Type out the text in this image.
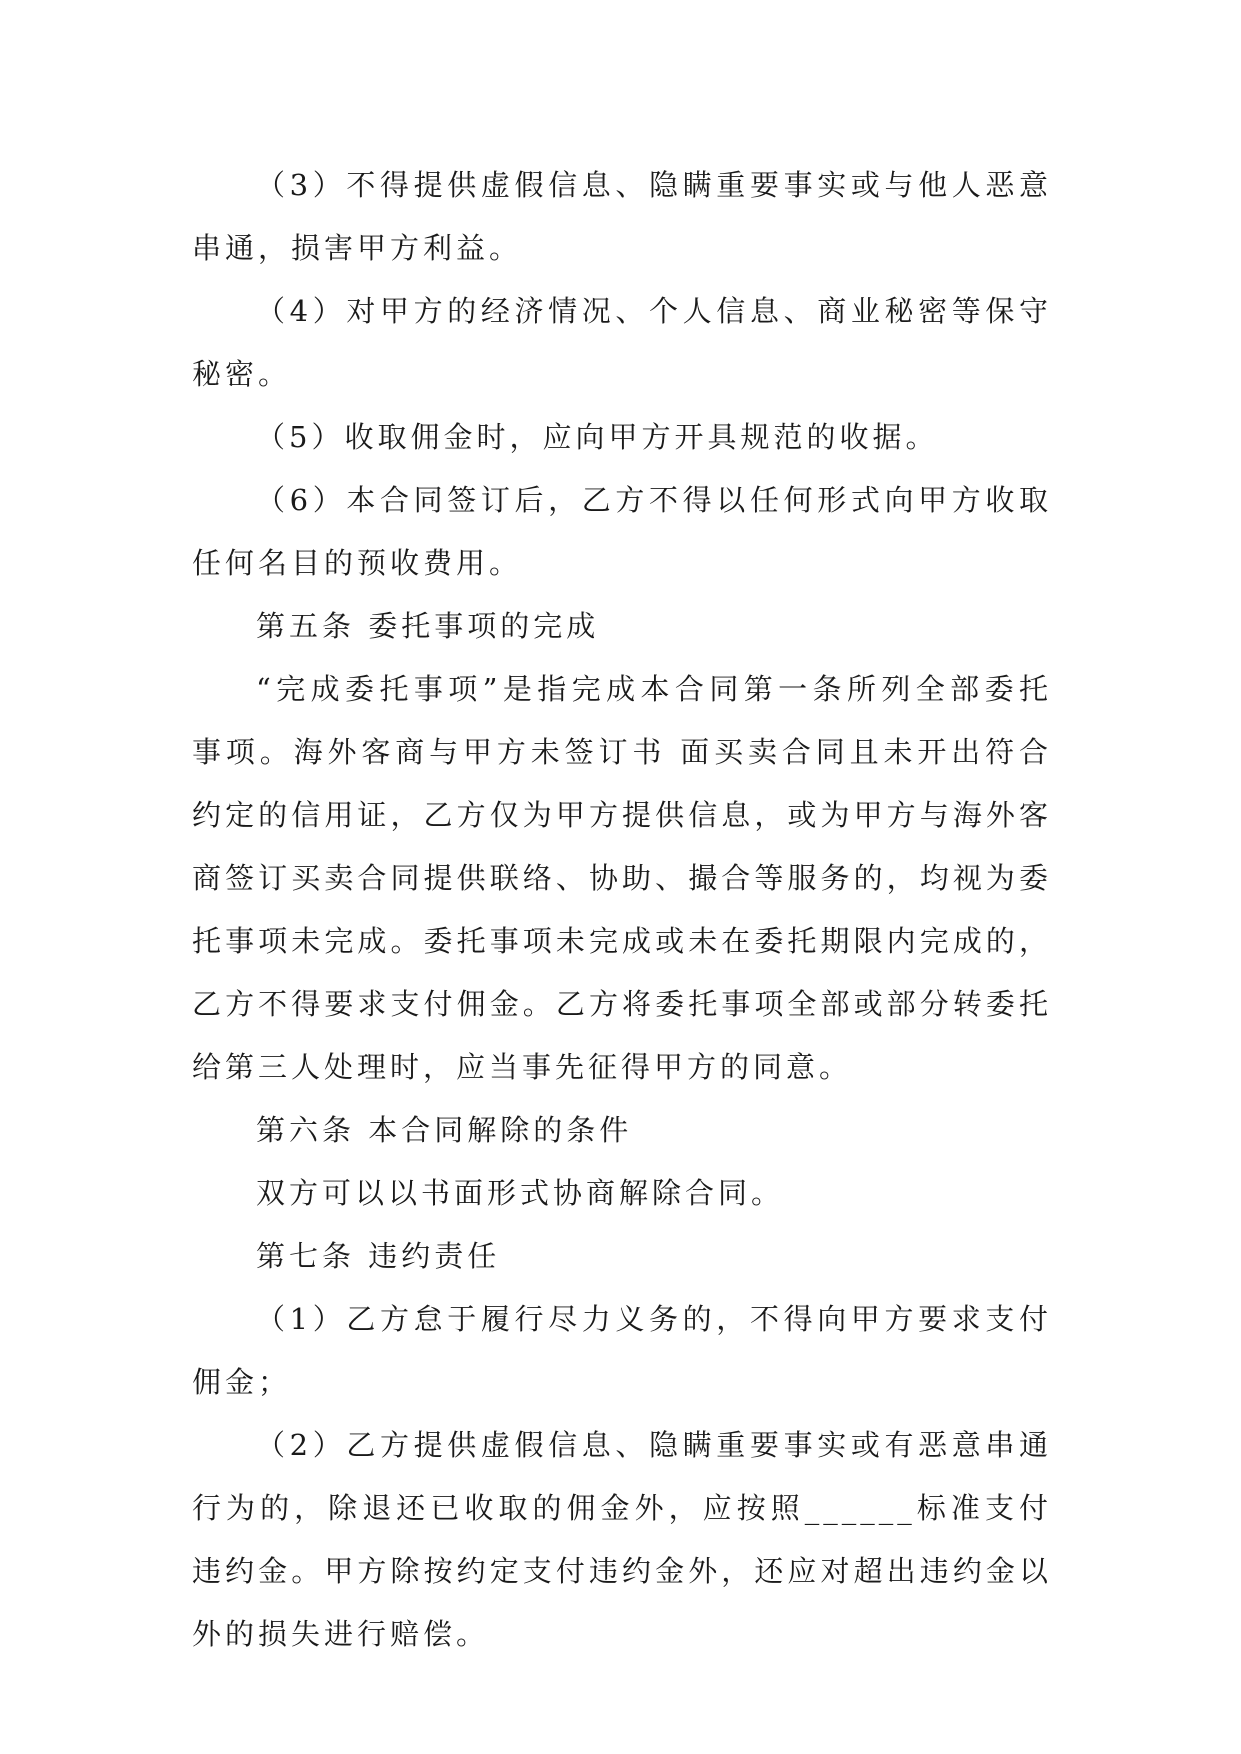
（3）不得提供虚假信息、隐瞒重要事实或与他人恶意串通，损害甲方利益。

（4）对甲方的经济情况、个人信息、商业秘密等保守秘密。

（5）收取佣金时，应向甲方开具规范的收据。

（6）本合同签订后，乙方不得以任何形式向甲方收取任何名目的预收费用。

第五条 委托事项的完成

“完成委托事项”是指完成本合同第一条所列全部委托事项。海外客商与甲方未签订书 面买卖合同且未开出符合约定的信用证，乙方仅为甲方提供信息，或为甲方与海外客商签订买卖合同提供联络、协助、撮合等服务的，均视为委托事项未完成。委托事项未完成或未在委托期限内完成的，乙方不得要求支付佣金。乙方将委托事项全部或部分转委托给第三人处理时，应当事先征得甲方的同意。

第六条 本合同解除的条件

双方可以以书面形式协商解除合同。

第七条 违约责任

（1）乙方怠于履行尽力义务的，不得向甲方要求支付佣金；

（2）乙方提供虚假信息、隐瞒重要事实或有恶意串通行为的，除退还已收取的佣金外，应按照______标准支付违约金。甲方除按约定支付违约金外，还应对超出违约金以外的损失进行赔偿。
